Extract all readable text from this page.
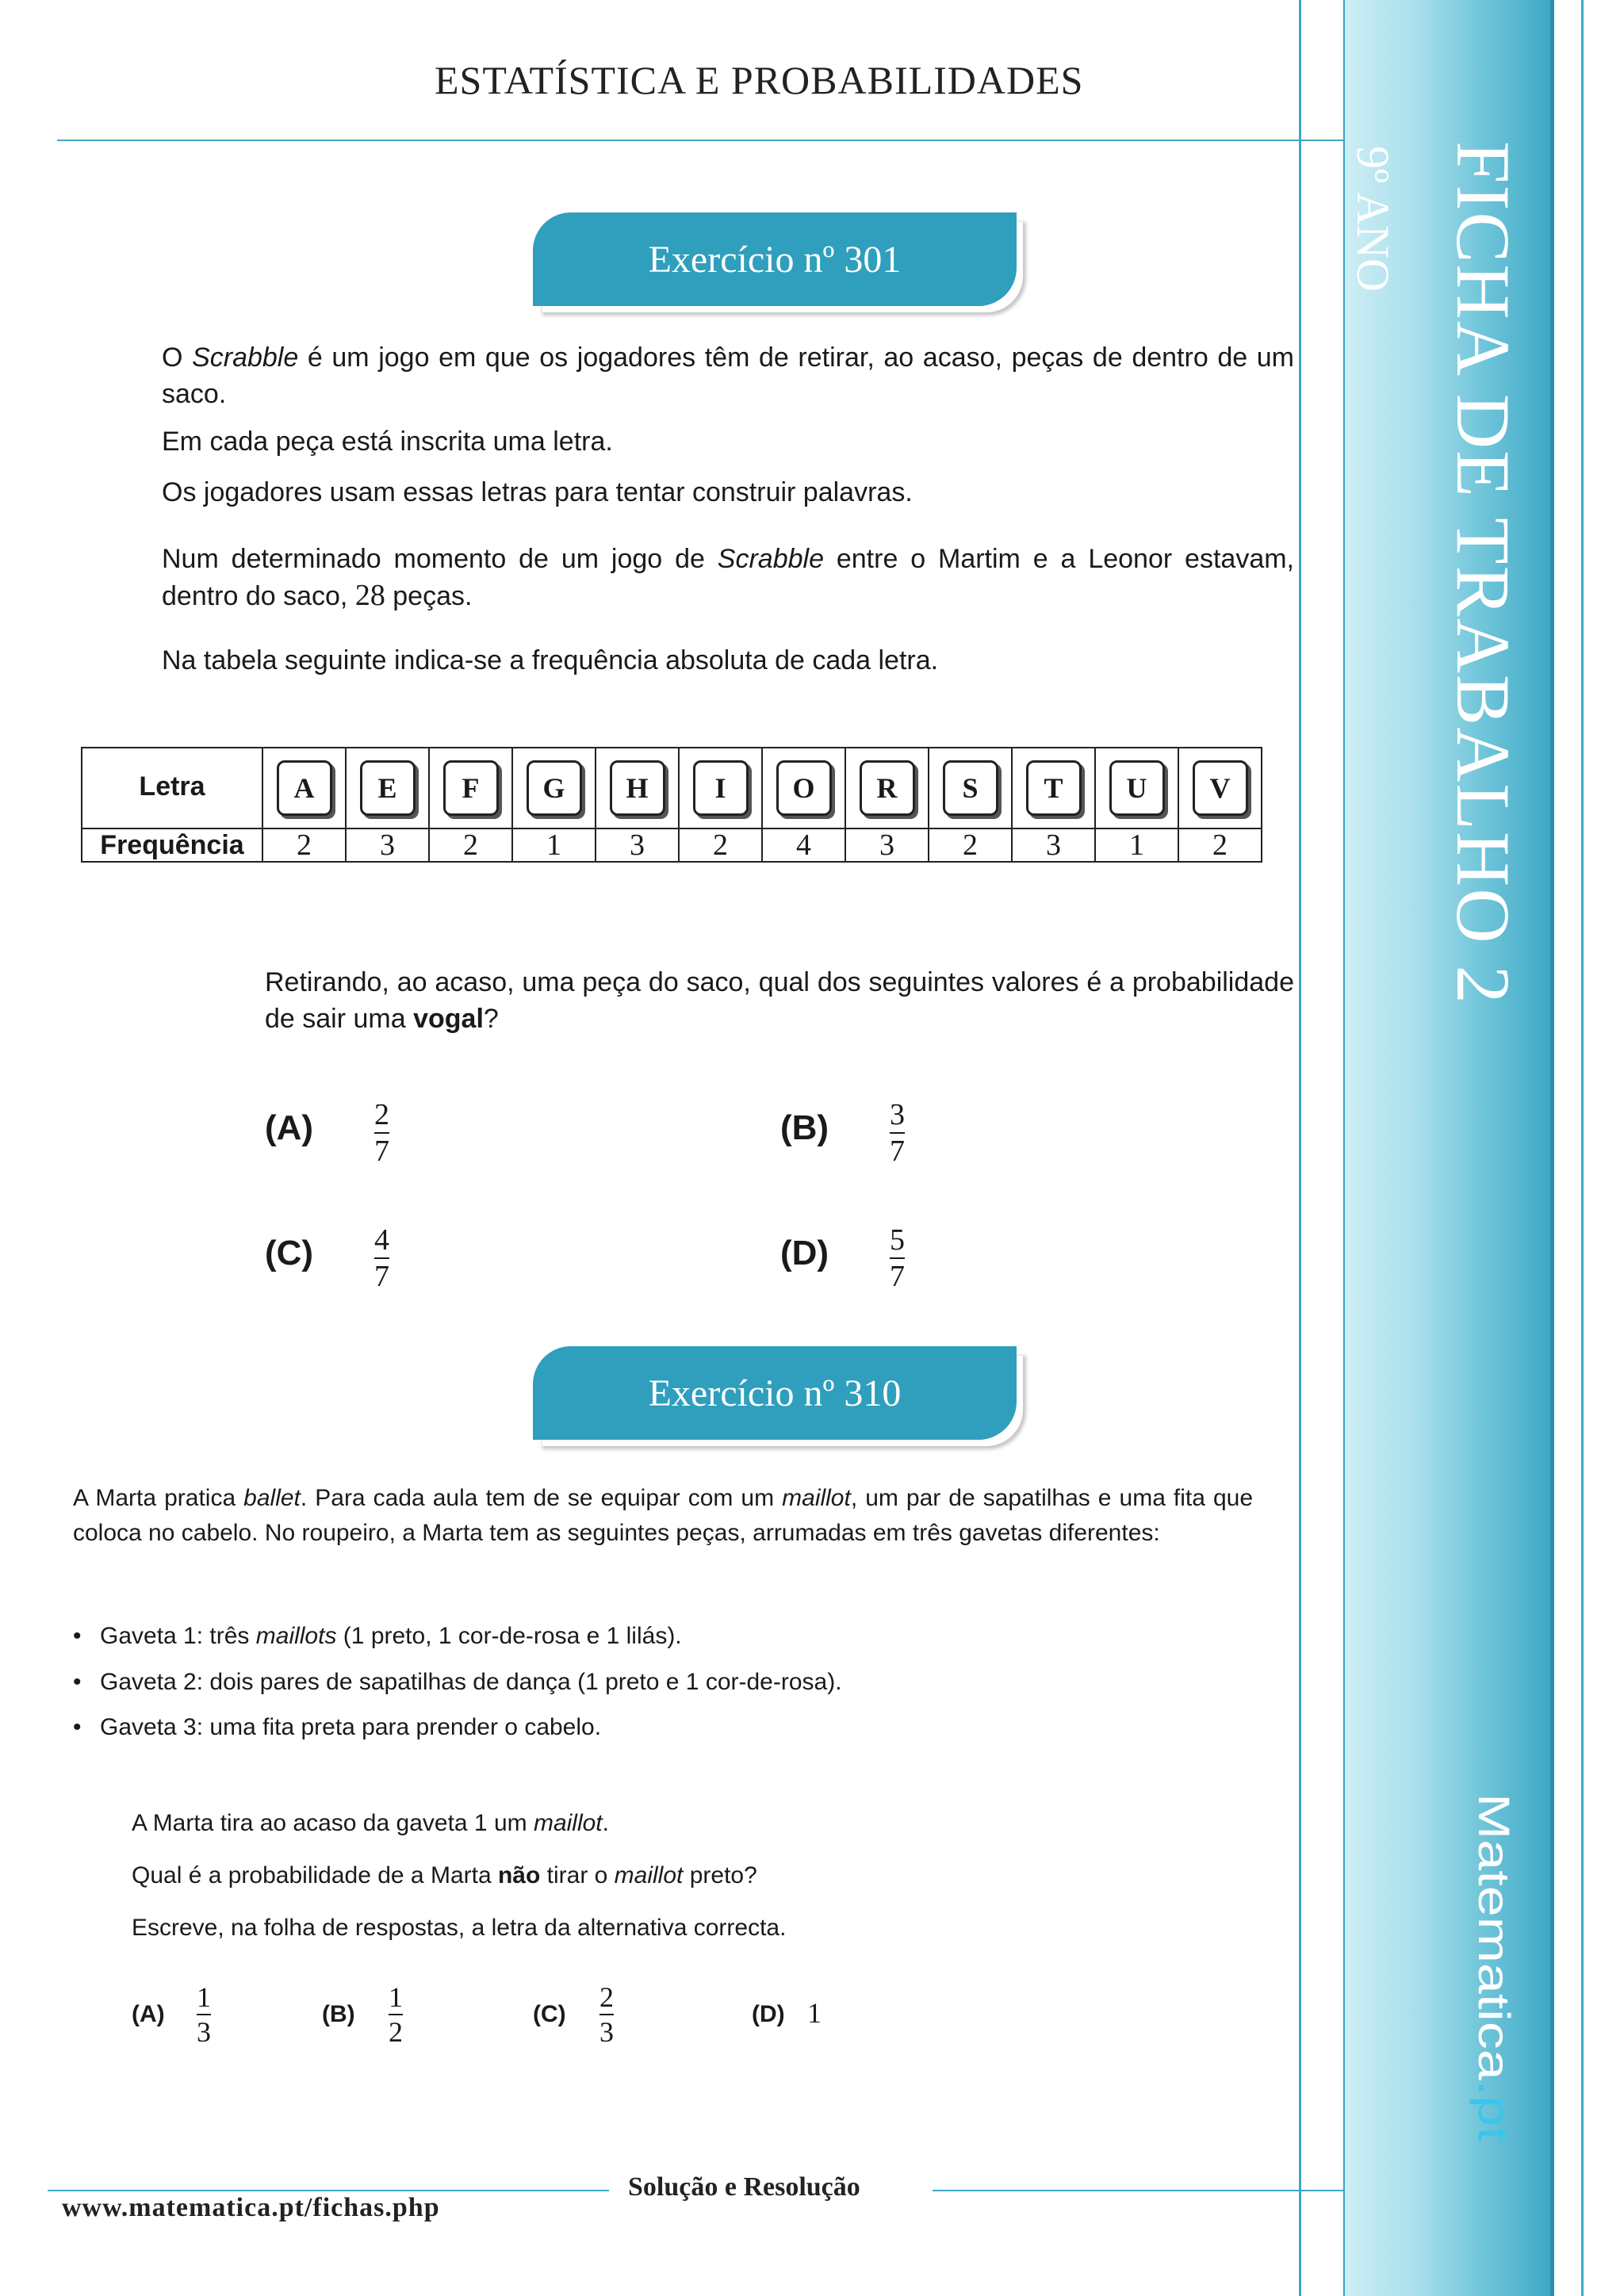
FICHA DE TRABALHO 2
9º ANO
Matematica.pt
ESTATÍSTICA E PROBABILIDADES
Exercício nº 301
O Scrabble é um jogo em que os jogadores têm de retirar, ao acaso, peças de dentro de um saco.
Em cada peça está inscrita uma letra.
Os jogadores usam essas letras para tentar construir palavras.
Num determinado momento de um jogo de Scrabble entre o Martim e a Leonor estavam, dentro do saco, 28 peças.
Na tabela seguinte indica-se a frequência absoluta de cada letra.
Letra	A	E	F	G	H	I	O	R	S	T	U	V
Frequência	2	3	2	1	3	2	4	3	2	3	1	2
Retirando, ao acaso, uma peça do saco, qual dos seguintes valores é a probabilidade de sair uma vogal?
(A) 2
7
(B) 3
7
(C) 4
7
(D) 5
7
Exercício nº 310
A Marta pratica ballet. Para cada aula tem de se equipar com um maillot, um par de sapatilhas e uma fita que coloca no cabelo. No roupeiro, a Marta tem as seguintes peças, arrumadas em três gavetas diferentes:
• Gaveta 1: três maillots (1 preto, 1 cor-de-rosa e 1 lilás).
• Gaveta 2: dois pares de sapatilhas de dança (1 preto e 1 cor-de-rosa).
• Gaveta 3: uma fita preta para prender o cabelo.
A Marta tira ao acaso da gaveta 1 um maillot.
Qual é a probabilidade de a Marta não tirar o maillot preto?
Escreve, na folha de respostas, a letra da alternativa correcta.
(A)
1
3
(B)
1
2
(C)
2
3
(D) 1
Solução e Resolução
www.matematica.pt/fichas.php
